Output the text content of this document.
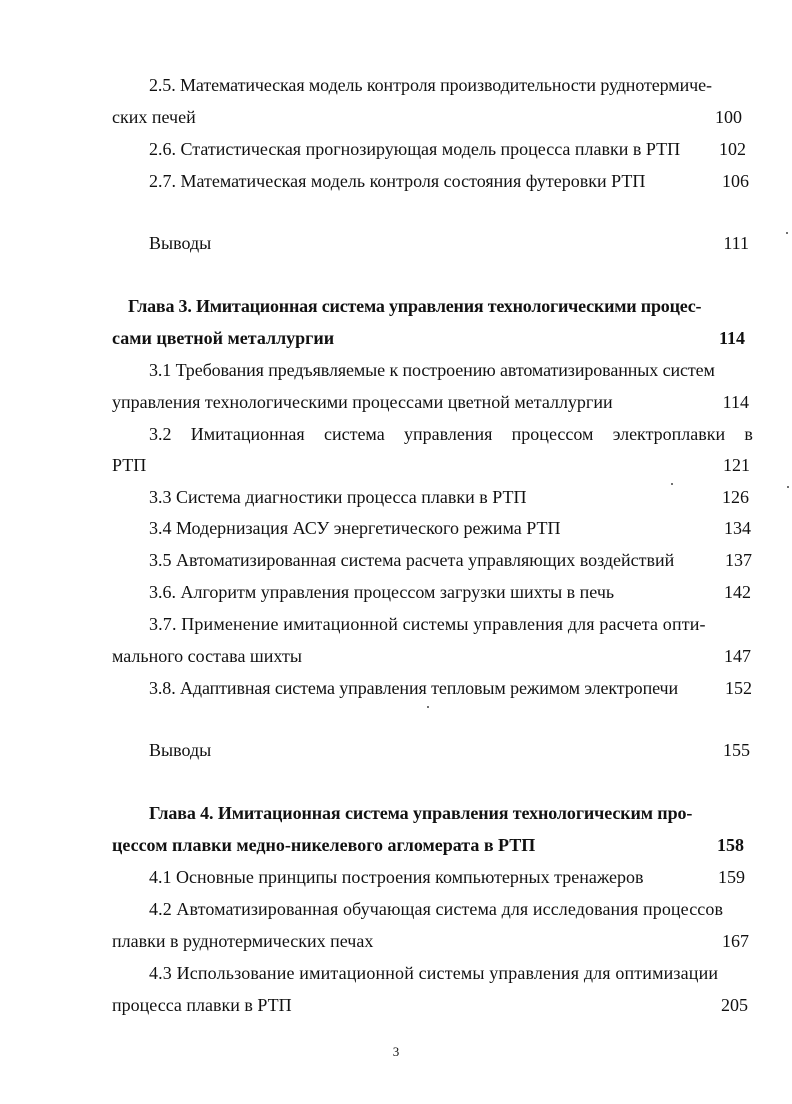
2.5. Математическая модель контроля производительности руднотермиче-
ских печей	100
2.6. Статистическая прогнозирующая модель процесса плавки в РТП	102
2.7. Математическая модель контроля состояния футеровки РТП	106
Выводы	111
Глава 3. Имитационная система управления технологическими процес-
сами цветной металлургии	114
3.1 Требования предъявляемые к построению автоматизированных систем
управления технологическими процессами цветной металлургии	114
3.2 Имитационная система управления процессом электроплавки в
РТП	121
3.3 Система диагностики процесса плавки в РТП	126
3.4 Модернизация АСУ энергетического режима РТП	134
3.5 Автоматизированная система расчета управляющих воздействий	137
3.6. Алгоритм управления процессом загрузки шихты в печь	142
3.7. Применение имитационной системы управления для расчета опти-
мального состава шихты	147
3.8. Адаптивная система управления тепловым режимом электропечи	152
Выводы	155
Глава 4. Имитационная система управления технологическим про-
цессом плавки медно-никелевого агломерата в РТП	158
4.1 Основные принципы построения компьютерных тренажеров	159
4.2 Автоматизированная обучающая система для исследования процессов
плавки в руднотермических печах	167
4.3 Использование имитационной системы управления для оптимизации
процесса плавки в РТП	205
3
